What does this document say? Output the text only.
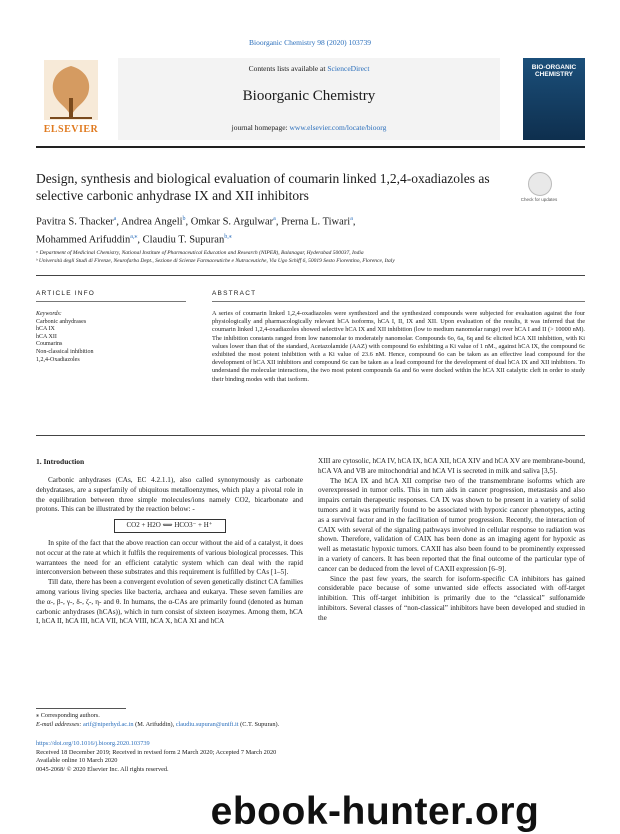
Bioorganic Chemistry 98 (2020) 103739
ELSEVIER
Contents lists available at ScienceDirect
Bioorganic Chemistry
journal homepage: www.elsevier.com/locate/bioorg
BIO-ORGANIC CHEMISTRY
Design, synthesis and biological evaluation of coumarin linked 1,2,4-oxadiazoles as selective carbonic anhydrase IX and XII inhibitors	Check for updates
Pavitra S. Thacker$^a$, Andrea Angeli$^b$, Omkar S. Argulwar$^a$, Prerna L. Tiwari$^a$,
Mohammed Arifuddin$^{a,⁎}$, Claudiu T. Supuran$^{b,⁎}$
ᵃ Department of Medicinal Chemistry, National Institute of Pharmaceutical Education and Research (NIPER), Balanagar, Hyderabad 500037, India
ᵇ Università degli Studi di Firenze, Neurofarba Dept., Sezione di Scienze Farmaceutiche e Nutraceutiche, Via Ugo Schiff 6, 50019 Sesto Fiorentino, Florence, Italy
ARTICLE INFO	ABSTRACT
Keywords:
Carbonic anhydrases
hCA IX
hCA XII
Coumarins
Non-classical inhibition
1,2,4-Oxadiazoles
A series of coumarin linked 1,2,4-oxadiazoles were synthesized and the synthesized compounds were subjected for evaluation against the four physiologically and pharmacologically relevant hCA isoforms, hCA I, II, IX and XII. Upon evaluation of the results, it was inferred that the coumarin linked 1,2,4-oxadiazoles showed selective hCA IX and XII inhibition (low to medium nanomolar range) over hCA I and II (> 10000 nM). The inhibition constants ranged from low nanomolar to moderately nanomolar. Compounds 6o, 6a, 6q and 6c elicited hCA XII inhibition, with Ki values lower than that of the standard, Acetazolamide (AAZ) with compound 6o exhibiting a Ki value of 1 nM., against hCA IX, the compound 6c exhibited the most potent inhibition with a Ki value of 23.6 nM. Hence, compound 6o can be taken as an effective lead compound for the development of hCA XII inhibitors and compound 6c can be taken as a lead compound for the development of dual hCA IX and XII inhibitors. To understand the molecular interactions, the two most potent compounds 6a and 6o were docked within the hCA XII catalytic cleft in order to study their binding modes with that isoform.
1. Introduction

Carbonic anhydrases (CAs, EC 4.2.1.1), also called synonymously as carbonate dehydratases, are a superfamily of ubiquitous metalloenzymes, which play a pivotal role in the equilibration between three simple molecules/ions namely CO2, bicarbonate and protons. This can be illustrated by the reaction below: -

CO2 + H2O ⟺ HCO3⁻ + H⁺

In spite of the fact that the above reaction can occur without the aid of a catalyst, it does not occur at the rate at which it fulfils the requirements of various biological processes. This warrantees the need for an efficient catalytic system which can deal with the rapid interconversion between these substrates and this requirement is fulfilled by CAs [1–5].

Till date, there has been a convergent evolution of seven genetically distinct CA families among various living species like bacteria, archaea and eukarya. These seven families are the α-, β-, γ-, δ-, ζ-, η- and θ. In humans, the α-CAs are primarily found (denoted as human carbonic anhydrases (hCAs)), which in turn consist of sixteen isozymes. Among them, hCA I, hCA II, hCA III, hCA VII, hCA VIII, hCA X, hCA XI and hCA

XIII are cytosolic, hCA IV, hCA IX, hCA XII, hCA XIV and hCA XV are membrane-bound, hCA VA and VB are mitochondrial and hCA VI is secreted in milk and saliva [3,5].

The hCA IX and hCA XII comprise two of the transmembrane isoforms which are overexpressed in tumor cells. This in turn aids in cancer progression, metastasis and also impairs certain therapeutic responses. CA IX was shown to be present in a variety of solid tumors and it was primarily found to be associated with hypoxic cancer phenotypes, acting as a survival factor and in the facilitation of tumor progression. Recently, the interaction of CAIX with several of the signaling pathways involved in cellular response to radiation was shown. Therefore, validation of CAIX has been done as an imaging agent for hypoxic as well as metastatic hypoxic tumors. CAXII has also been found to be prominently expressed in a variety of cancers. It has been reported that the final outcome of the particular type of cancer can be deduced from the level of CAXII expression [6–9].

Since the past few years, the search for isoform-specific CA inhibitors has gained considerable pace because of some unwanted side effects associated with off-target inhibition. This off-target inhibition is primarily due to the “classical” sulfonamide inhibitors. Several classes of “non-classical” inhibitors have been developed and studied in the

⁎ Corresponding authors.
E-mail addresses: arif@niperhyd.ac.in (M. Arifuddin), claudiu.supuran@unifi.it (C.T. Supuran).
https://doi.org/10.1016/j.bioorg.2020.103739
Received 18 December 2019; Received in revised form 2 March 2020; Accepted 7 March 2020
Available online 10 March 2020
0045-2068/ © 2020 Elsevier Inc. All rights reserved.
ebook-hunter.org
